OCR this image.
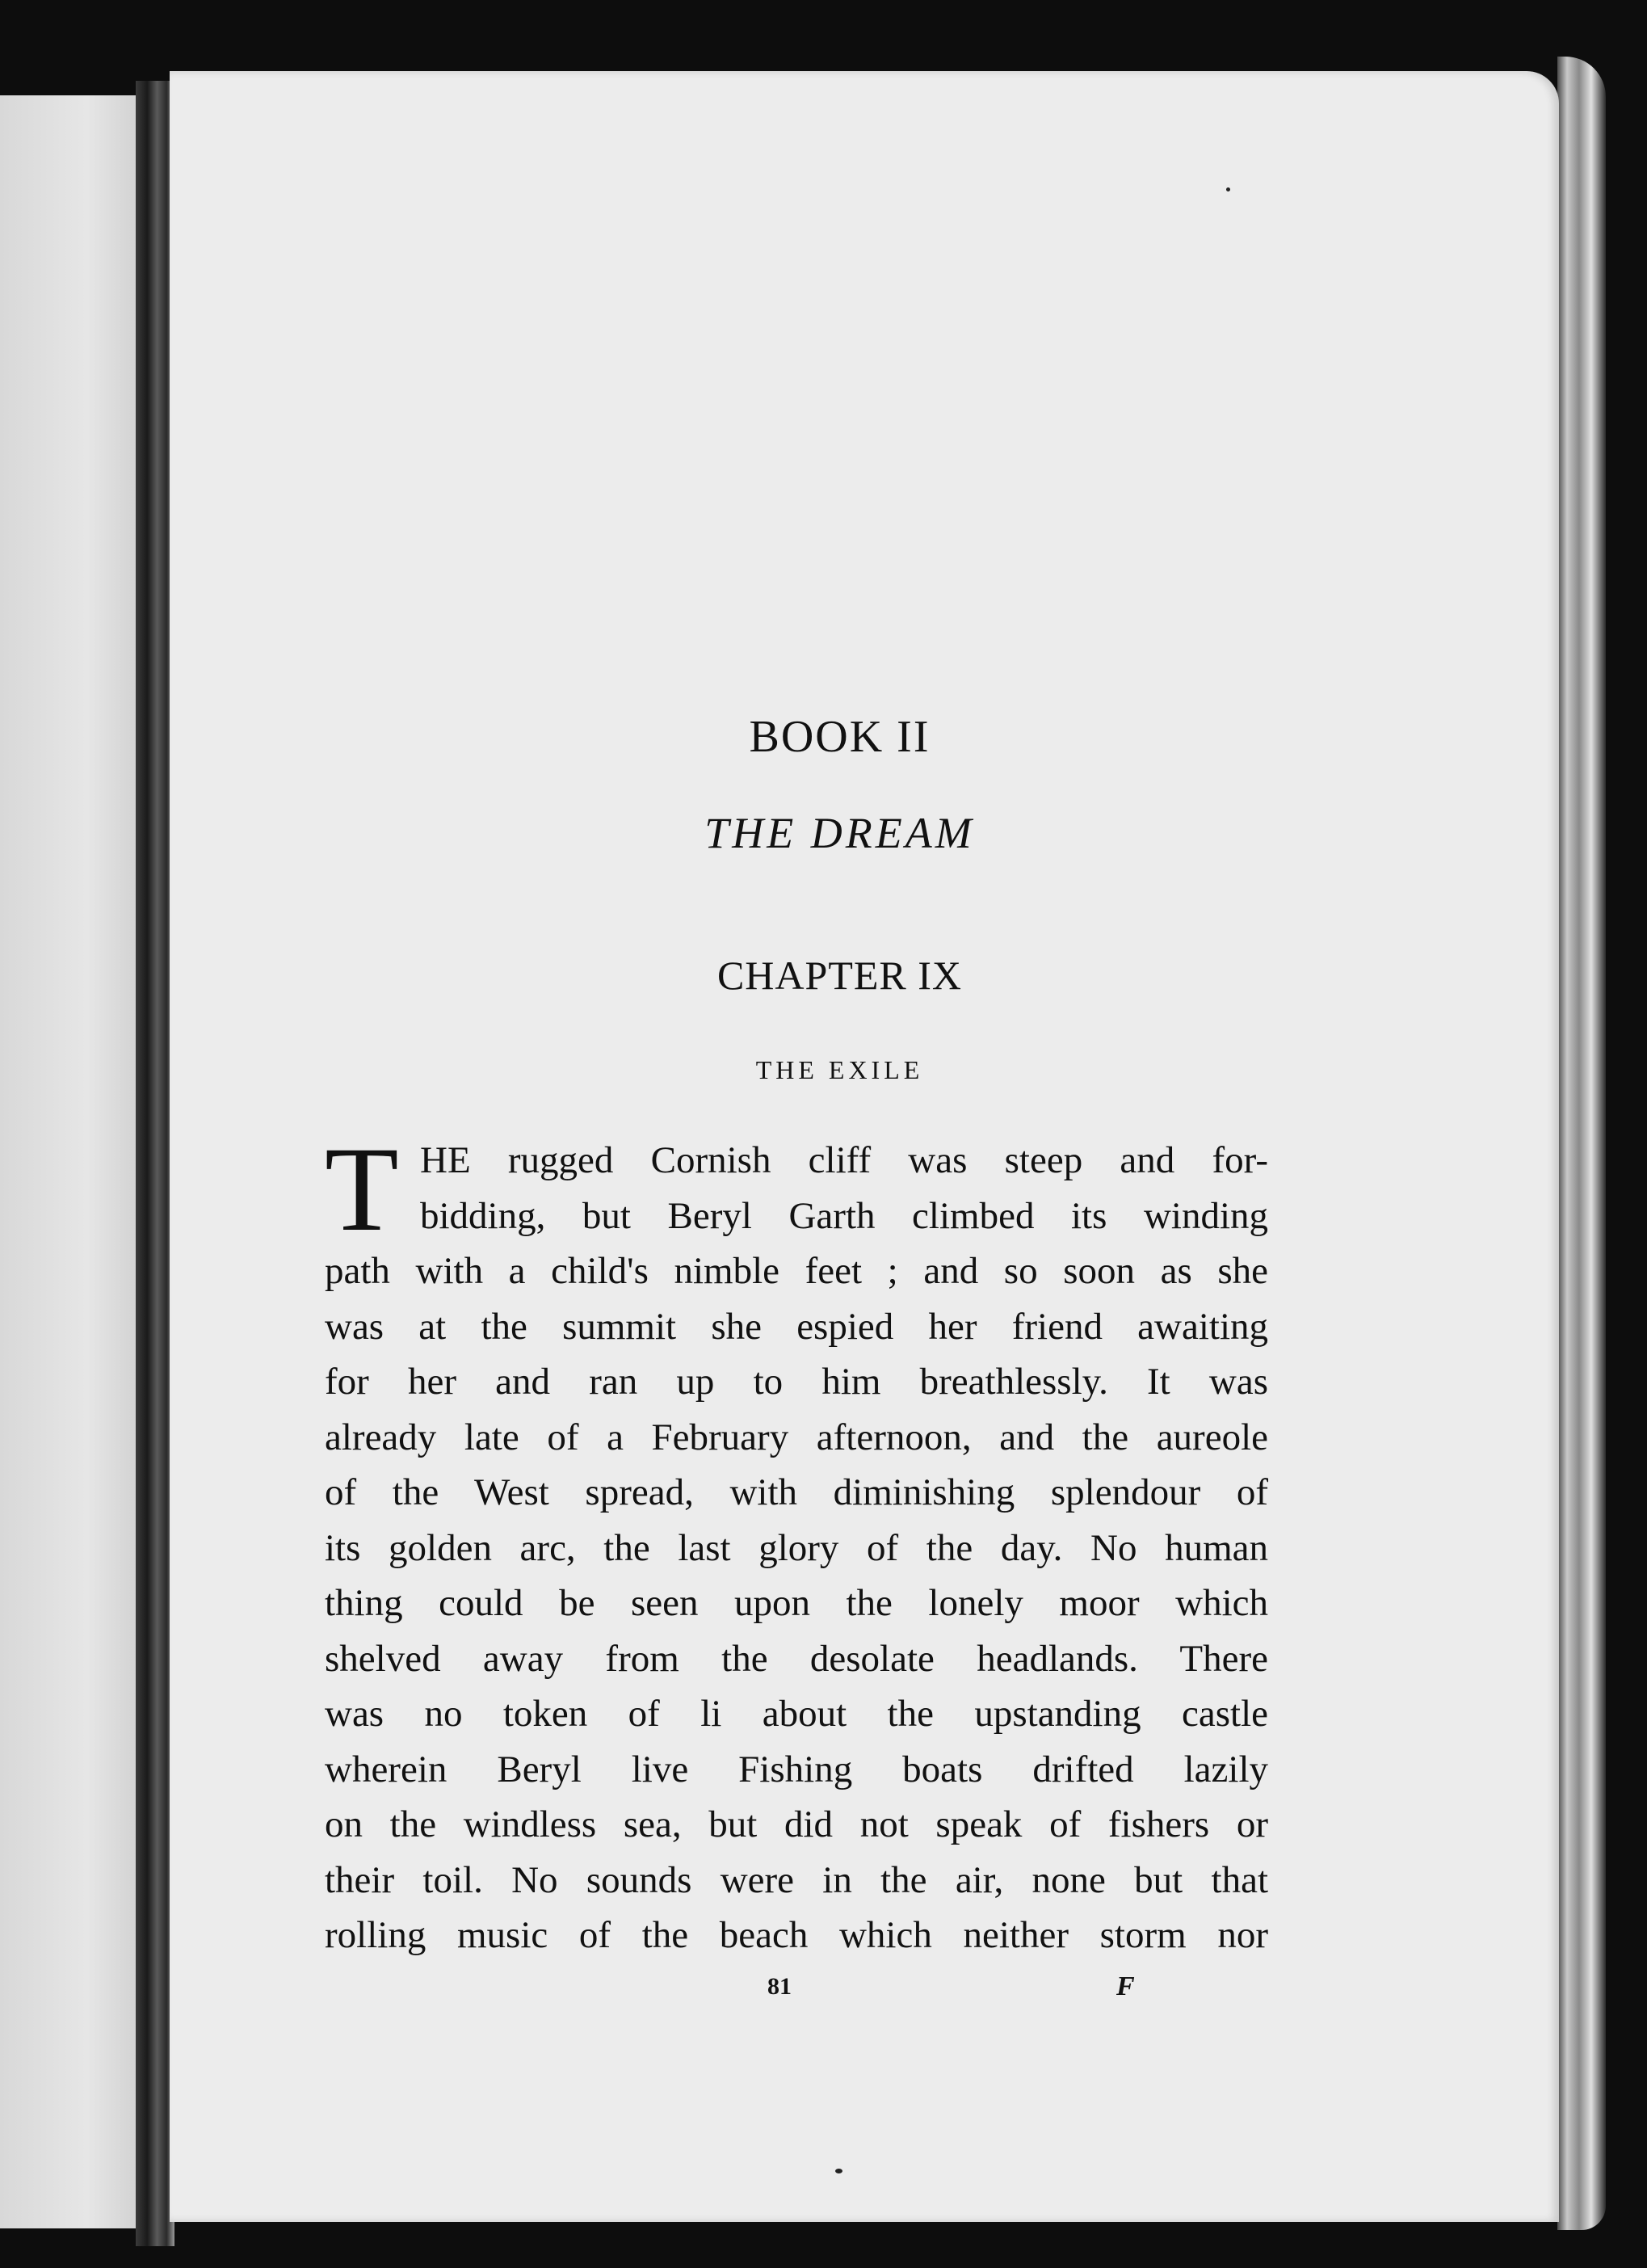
BOOK II
THE DREAM
CHAPTER IX
THE EXILE
T HE rugged Cornish cliff was steep and for-
bidding, but Beryl Garth climbed its winding
path with a child's nimble feet ; and so soon as she
was at the summit she espied her friend awaiting
for her and ran up to him breathlessly. It was
already late of a February afternoon, and the aureole
of the West spread, with diminishing splendour of
its golden arc, the last glory of the day. No human
thing could be seen upon the lonely moor which
shelved away from the desolate headlands. There
was no token of li about the upstanding castle
wherein Beryl live Fishing boats drifted lazily
on the windless sea, but did not speak of fishers or
their toil. No sounds were in the air, none but that
rolling music of the beach which neither storm nor
81	F
